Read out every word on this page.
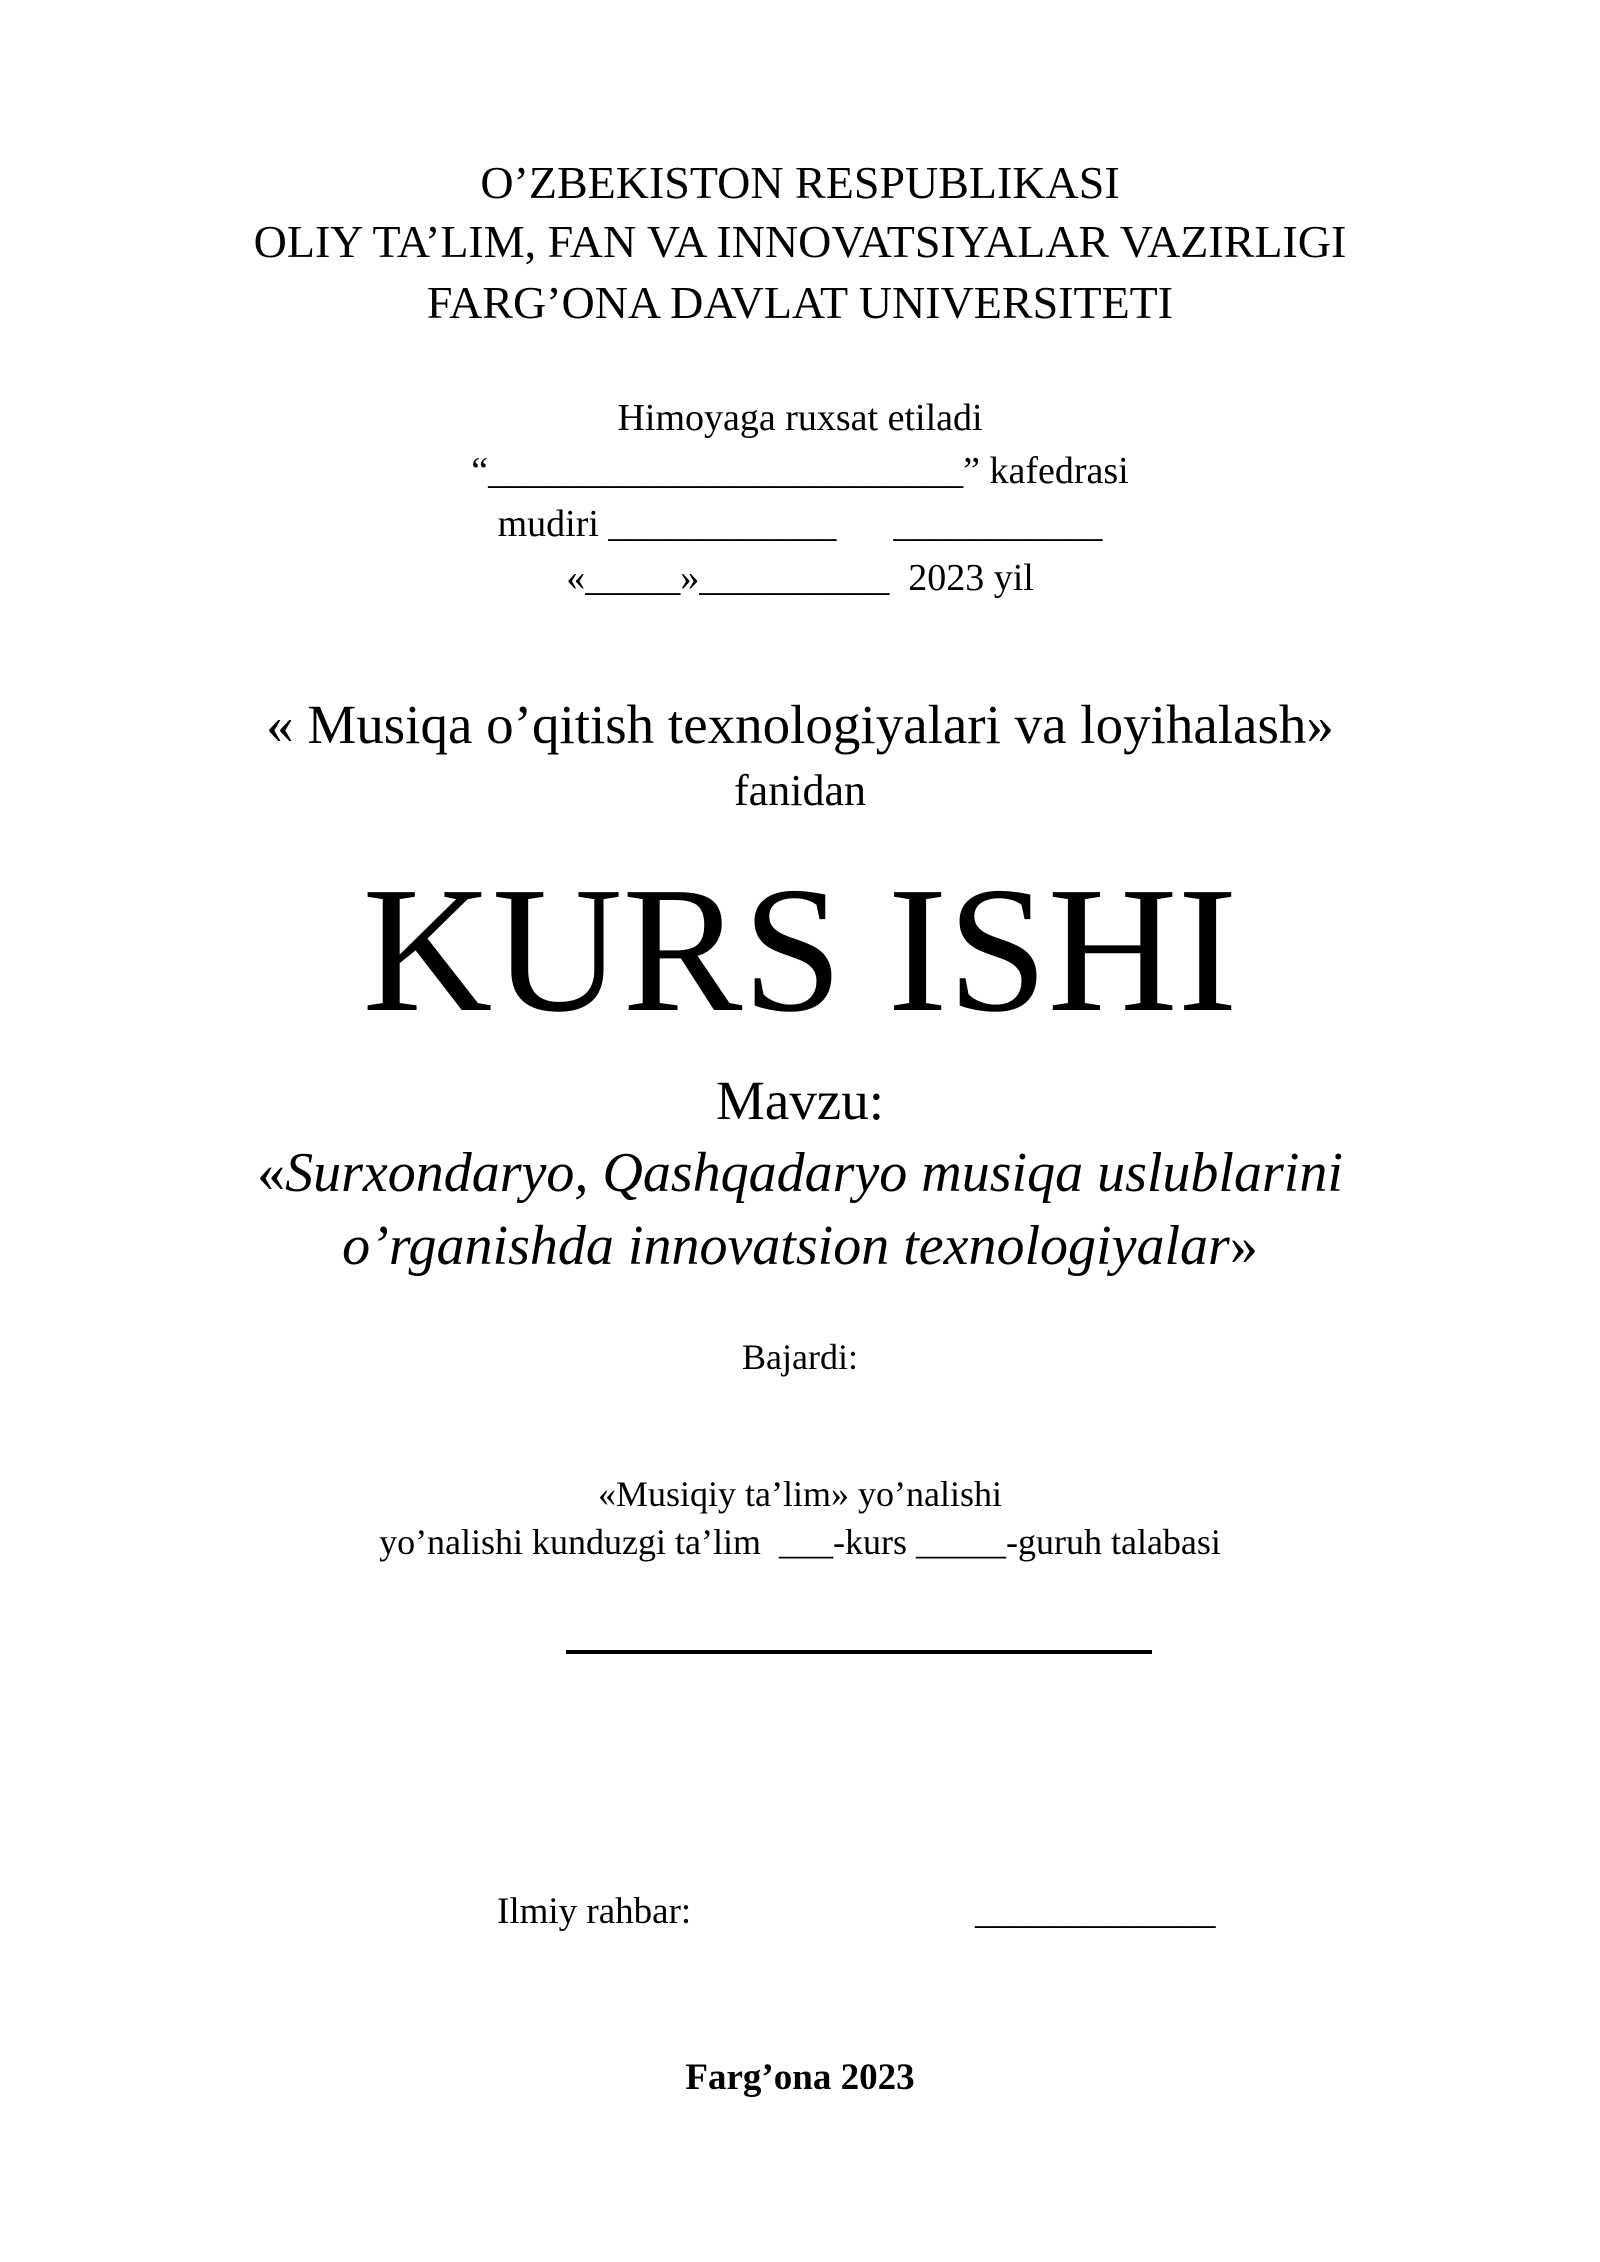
O’ZBEKISTON RESPUBLIKASI
OLIY TA’LIM, FAN VA INNOVATSIYALAR VAZIRLIGI
FARG’ONA DAVLAT UNIVERSITETI
Himoyaga ruxsat etiladi
“_________________________” kafedrasi
mudiri ____________      ___________
«_____»__________  2023 yil
« Musiqa o’qitish texnologiyalari va loyihalash»
fanidan
KURS ISHI
Mavzu:
«Surxondaryo, Qashqadaryo musiqa uslublarini
o’rganishda innovatsion texnologiyalar»
Bajardi:
«Musiqiy ta’lim» yo’nalishi
yo’nalishi kunduzgi ta’lim  ___-kurs _____-guruh talabasi
Ilmiy rahbar:	_____________
Farg’ona 2023
